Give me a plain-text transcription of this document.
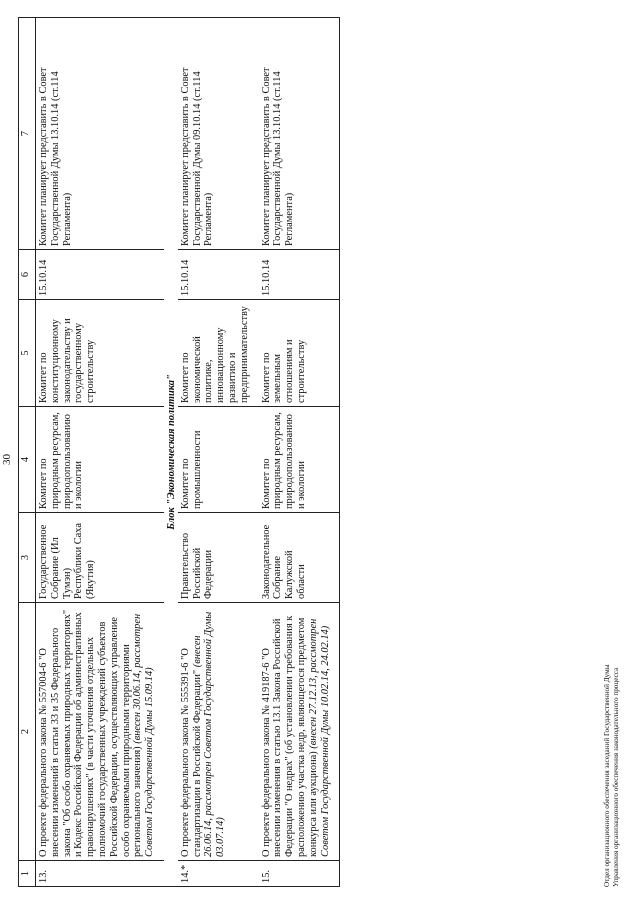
30
1	2	3	4	5	6	7
13.	О проекте федерального закона № 557004-6 "О внесении изменений в статьи 33 и 35 Федерального закона "Об особо охраняемых природных территориях" и Кодекс Российской Федерации об административных правонарушениях" (в части уточнения отдельных полномочий государственных учреждений субъектов Российской Федерации, осуществляющих управление особо охраняемыми природными территориями регионального значения) (внесен 30.06.14, рассмотрен Советом Государственной Думы 15.09.14)	Государственное Собрание (Ил Тумэн) Республики Саха (Якутия)	Комитет по природным ресурсам, природопользованию и экологии	Комитет по конституционному законодательству и государственному строительству	15.10.14	Комитет планирует представить в Совет Государственной Думы 13.10.14 (ст.114 Регламента)
Блок "Экономическая политика"						
14.*	О проекте федерального закона № 555391-6 "О стандартизации в Российской Федерации" (внесен 26.06.14, рассмотрен Советом Государственной Думы 03.07.14)	Правительство Российской Федерации	Комитет по промышленности	Комитет по экономической политике, инновационному развитию и предпринимательству	15.10.14	Комитет планирует представить в Совет Государственной Думы 09.10.14 (ст.114 Регламента)
15.	О проекте федерального закона № 419187-6 "О внесении изменения в статью 13.1 Закона Российской Федерации "О недрах" (об установлении требования к расположению участка недр, являющегося предметом конкурса или аукциона) (внесен 27.12.13, рассмотрен Советом Государственной Думы 10.02.14, 24.02.14)	Законодательное Собрание Калужской области	Комитет по природным ресурсам, природопользованию и экологии	Комитет по земельным отношениям и строительству	15.10.14	Комитет планирует представить в Совет Государственной Думы 13.10.14 (ст.114 Регламента)
Отдел организационного обеспечения заседаний Государственной Думы Управления организационного обеспечения законодательного процесса
